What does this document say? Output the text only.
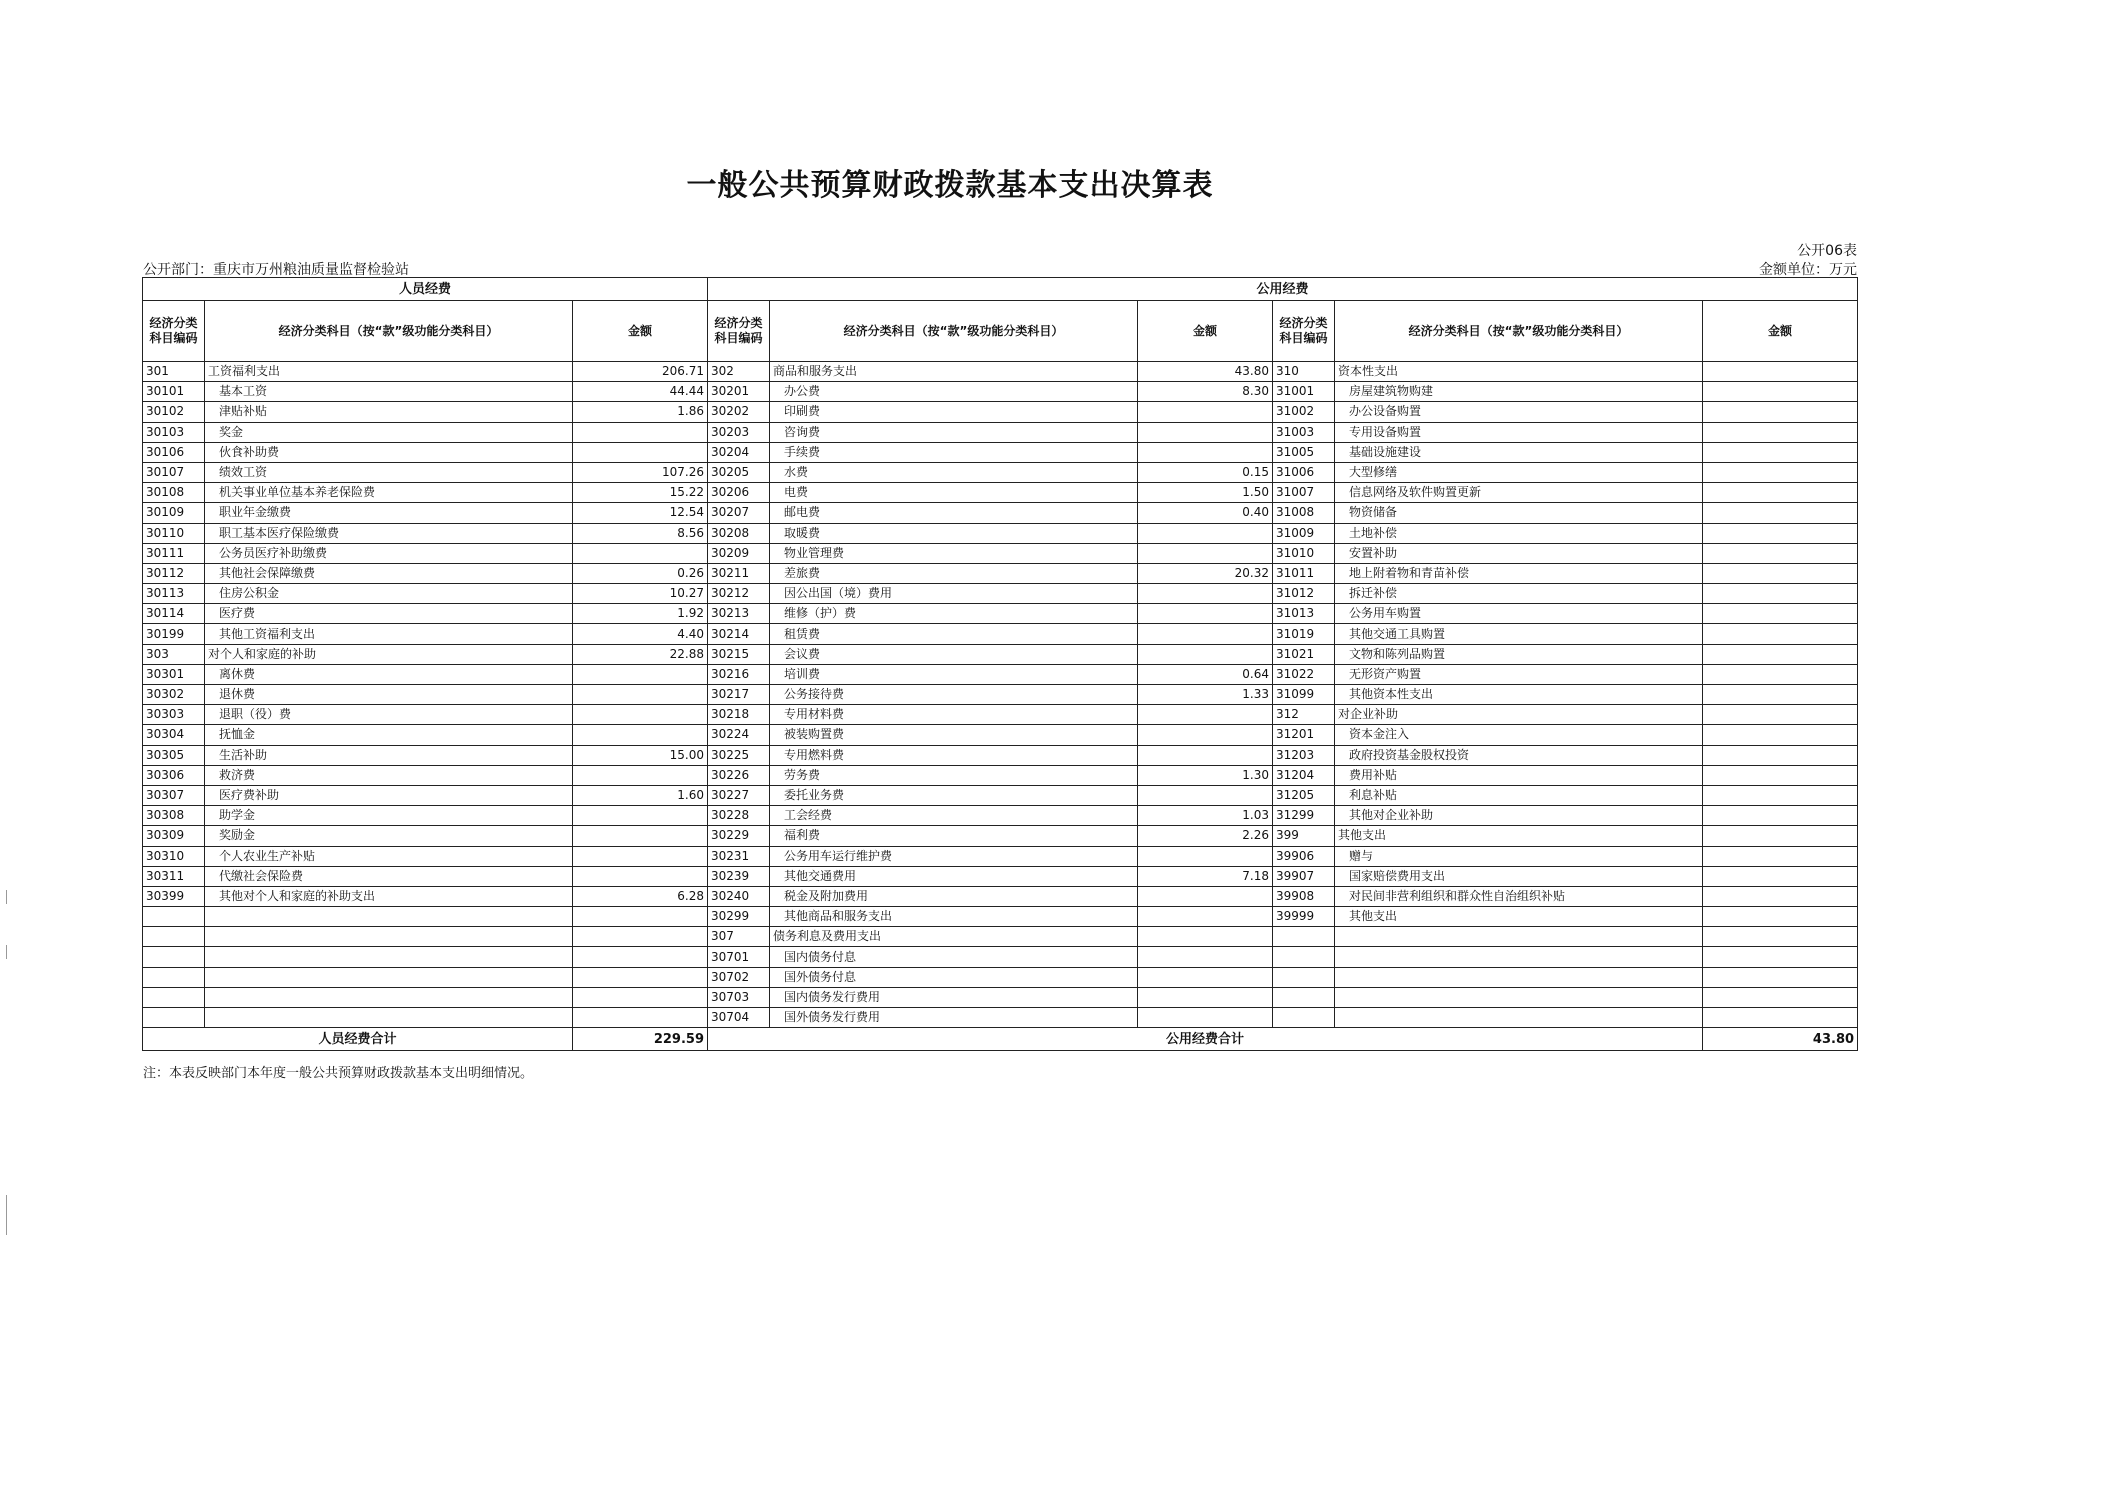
一般公共预算财政拨款基本支出决算表
公开06表
公开部门：重庆市万州粮油质量监督检验站	金额单位：万元
人员经费			公用经费					
经济分类科目编码	经济分类科目（按“款”级功能分类科目）	金额	经济分类科目编码	经济分类科目（按“款”级功能分类科目）	金额	经济分类科目编码	经济分类科目（按“款”级功能分类科目）	金额
301	工资福利支出	206.71	302	商品和服务支出	43.80	310	资本性支出	
30101	基本工资	44.44	30201	办公费	8.30	31001	房屋建筑物购建	
30102	津贴补贴	1.86	30202	印刷费		31002	办公设备购置	
30103	奖金		30203	咨询费		31003	专用设备购置	
30106	伙食补助费		30204	手续费		31005	基础设施建设	
30107	绩效工资	107.26	30205	水费	0.15	31006	大型修缮	
30108	机关事业单位基本养老保险费	15.22	30206	电费	1.50	31007	信息网络及软件购置更新	
30109	职业年金缴费	12.54	30207	邮电费	0.40	31008	物资储备	
30110	职工基本医疗保险缴费	8.56	30208	取暖费		31009	土地补偿	
30111	公务员医疗补助缴费		30209	物业管理费		31010	安置补助	
30112	其他社会保障缴费	0.26	30211	差旅费	20.32	31011	地上附着物和青苗补偿	
30113	住房公积金	10.27	30212	因公出国（境）费用		31012	拆迁补偿	
30114	医疗费	1.92	30213	维修（护）费		31013	公务用车购置	
30199	其他工资福利支出	4.40	30214	租赁费		31019	其他交通工具购置	
303	对个人和家庭的补助	22.88	30215	会议费		31021	文物和陈列品购置	
30301	离休费		30216	培训费	0.64	31022	无形资产购置	
30302	退休费		30217	公务接待费	1.33	31099	其他资本性支出	
30303	退职（役）费		30218	专用材料费		312	对企业补助	
30304	抚恤金		30224	被装购置费		31201	资本金注入	
30305	生活补助	15.00	30225	专用燃料费		31203	政府投资基金股权投资	
30306	救济费		30226	劳务费	1.30	31204	费用补贴	
30307	医疗费补助	1.60	30227	委托业务费		31205	利息补贴	
30308	助学金		30228	工会经费	1.03	31299	其他对企业补助	
30309	奖励金		30229	福利费	2.26	399	其他支出	
30310	个人农业生产补贴		30231	公务用车运行维护费		39906	赠与	
30311	代缴社会保险费		30239	其他交通费用	7.18	39907	国家赔偿费用支出	
30399	其他对个人和家庭的补助支出	6.28	30240	税金及附加费用		39908	对民间非营利组织和群众性自治组织补贴	
			30299	其他商品和服务支出		39999	其他支出	
			307	债务利息及费用支出				
			30701	国内债务付息				
			30702	国外债务付息				
			30703	国内债务发行费用				
			30704	国外债务发行费用				
人员经费合计		229.59	公用经费合计					43.80
注：本表反映部门本年度一般公共预算财政拨款基本支出明细情况。
